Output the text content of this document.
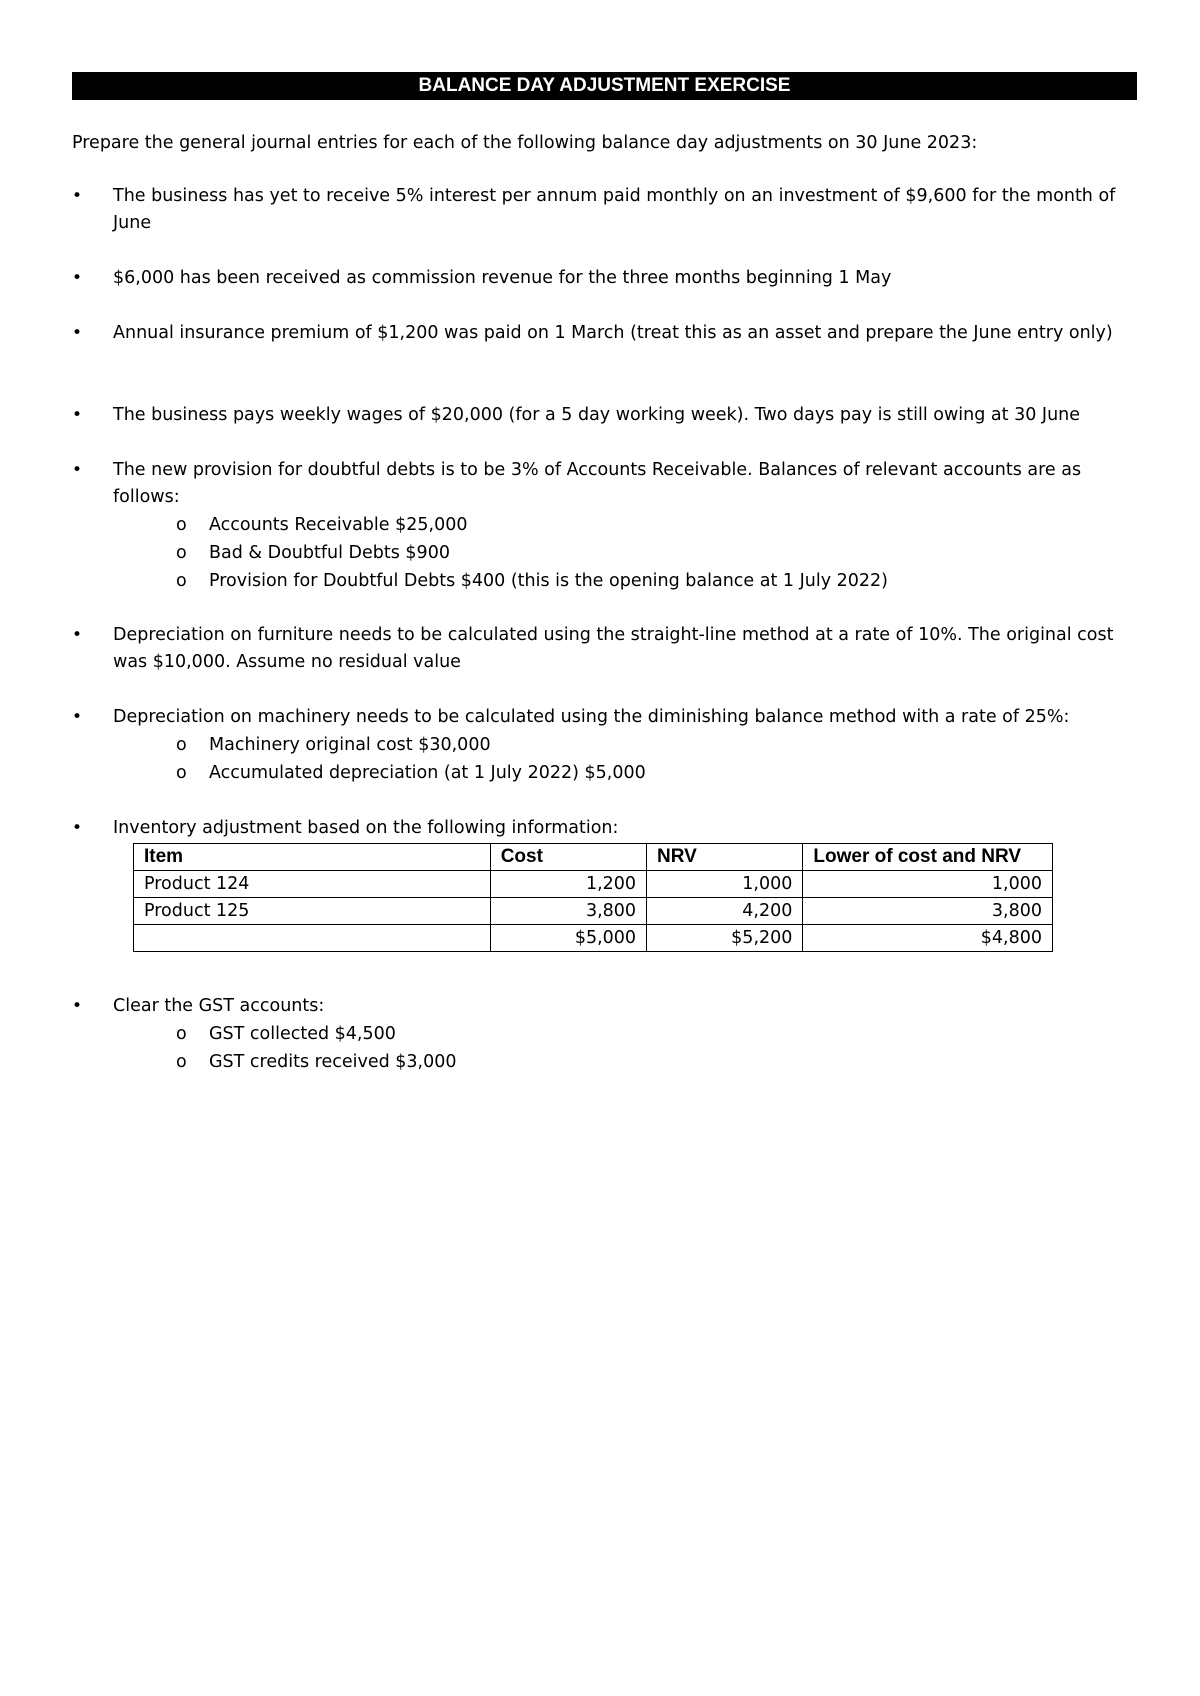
BALANCE DAY ADJUSTMENT EXERCISE
Prepare the general journal entries for each of the following balance day adjustments on 30 June 2023:
• The business has yet to receive 5% interest per annum paid monthly on an investment of $9,600 for the month of June
• $6,000 has been received as commission revenue for the three months beginning 1 May
• Annual insurance premium of $1,200 was paid on 1 March (treat this as an asset and prepare the June entry only)
• The business pays weekly wages of $20,000 (for a 5 day working week). Two days pay is still owing at 30 June
• The new provision for doubtful debts is to be 3% of Accounts Receivable. Balances of relevant accounts are as follows:
o Accounts Receivable $25,000
o Bad & Doubtful Debts $900
o Provision for Doubtful Debts $400 (this is the opening balance at 1 July 2022)
• Depreciation on furniture needs to be calculated using the straight-line method at a rate of 10%. The original cost was $10,000. Assume no residual value
• Depreciation on machinery needs to be calculated using the diminishing balance method with a rate of 25%:
o Machinery original cost $30,000
o Accumulated depreciation (at 1 July 2022) $5,000
• Inventory adjustment based on the following information:
Item	Cost	NRV	Lower of cost and NRV
Product 124	1,200	1,000	1,000
Product 125	3,800	4,200	3,800
	$5,000	$5,200	$4,800
• Clear the GST accounts:
o GST collected $4,500
o GST credits received $3,000
